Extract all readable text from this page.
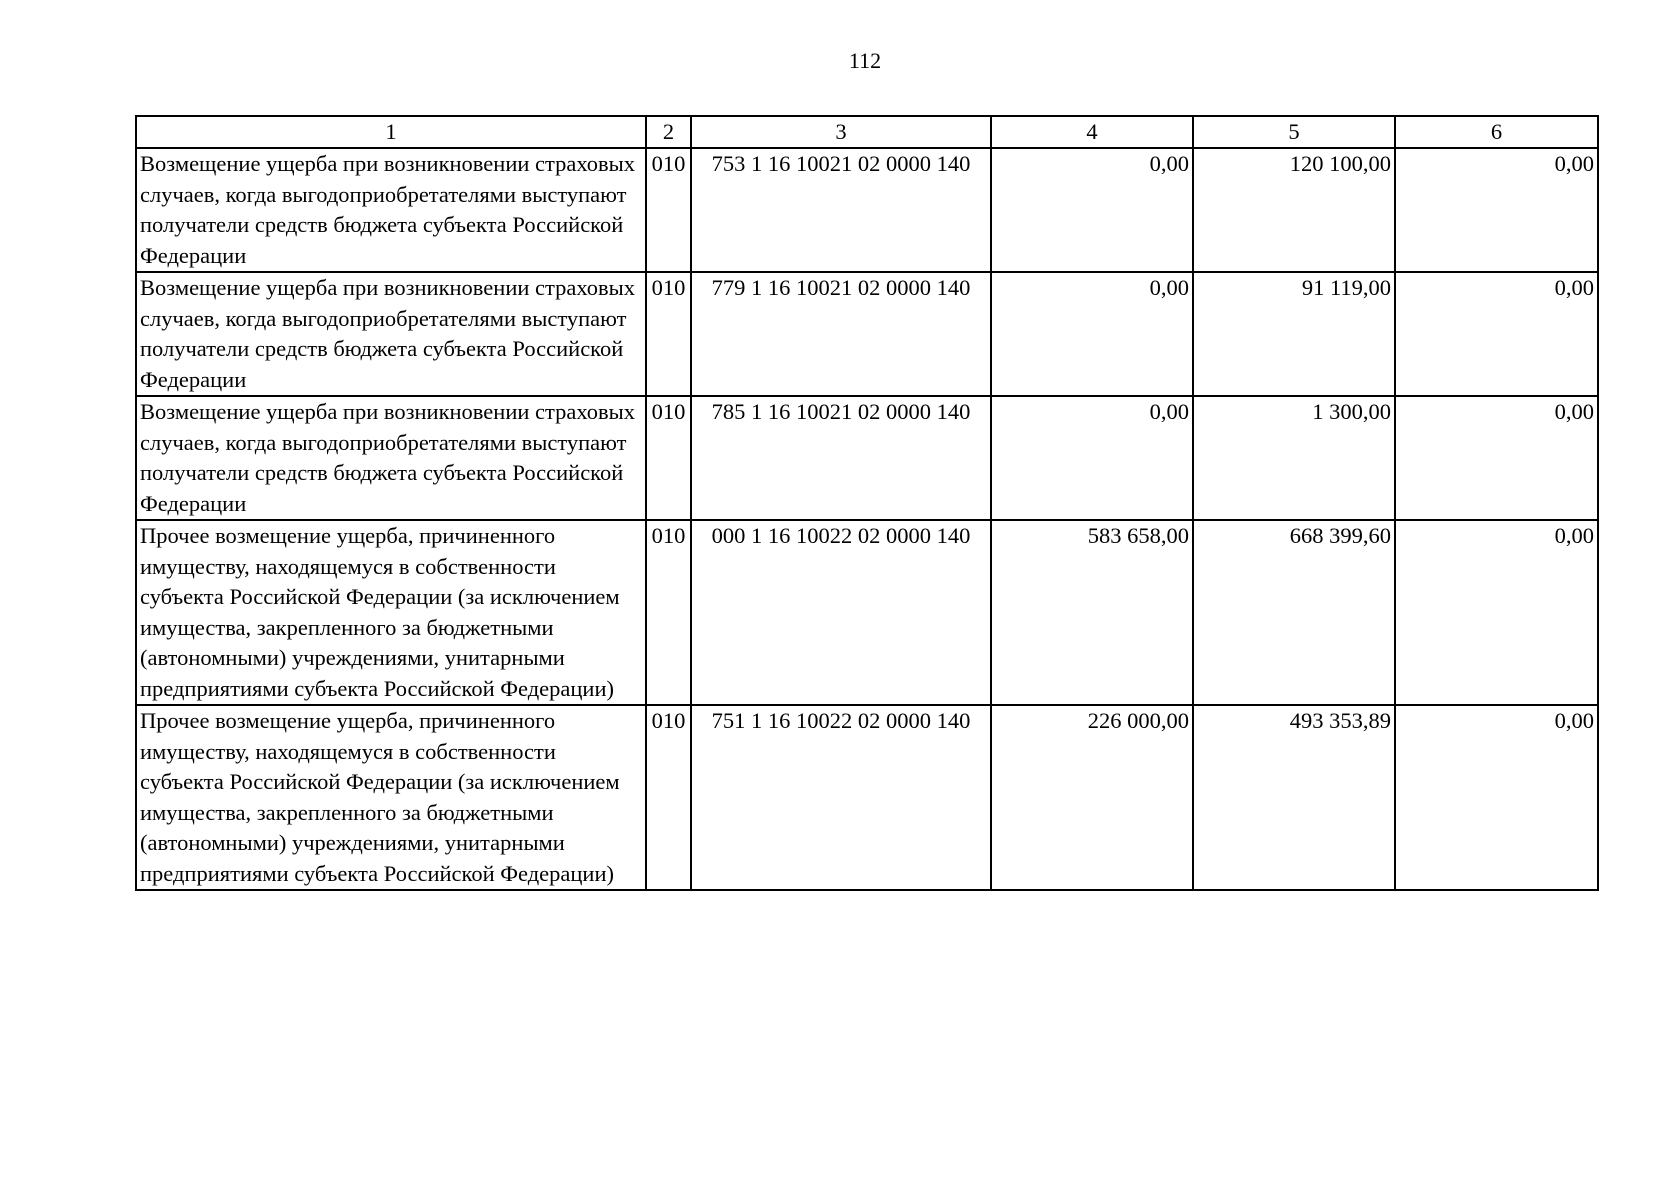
112
1	2	3	4	5	6
Возмещение ущерба при возникновении страховых случаев, когда выгодоприобретателями выступают получатели средств бюджета субъекта Российской Федерации	010	753 1 16 10021 02 0000 140	0,00	120 100,00	0,00
Возмещение ущерба при возникновении страховых случаев, когда выгодоприобретателями выступают получатели средств бюджета субъекта Российской Федерации	010	779 1 16 10021 02 0000 140	0,00	91 119,00	0,00
Возмещение ущерба при возникновении страховых случаев, когда выгодоприобретателями выступают получатели средств бюджета субъекта Российской Федерации	010	785 1 16 10021 02 0000 140	0,00	1 300,00	0,00
Прочее возмещение ущерба, причиненного имуществу, находящемуся в собственности субъекта Российской Федерации (за исключением имущества, закрепленного за бюджетными (автономными) учреждениями, унитарными предприятиями субъекта Российской Федерации)	010	000 1 16 10022 02 0000 140	583 658,00	668 399,60	0,00
Прочее возмещение ущерба, причиненного имуществу, находящемуся в собственности субъекта Российской Федерации (за исключением имущества, закрепленного за бюджетными (автономными) учреждениями, унитарными предприятиями субъекта Российской Федерации)	010	751 1 16 10022 02 0000 140	226 000,00	493 353,89	0,00
